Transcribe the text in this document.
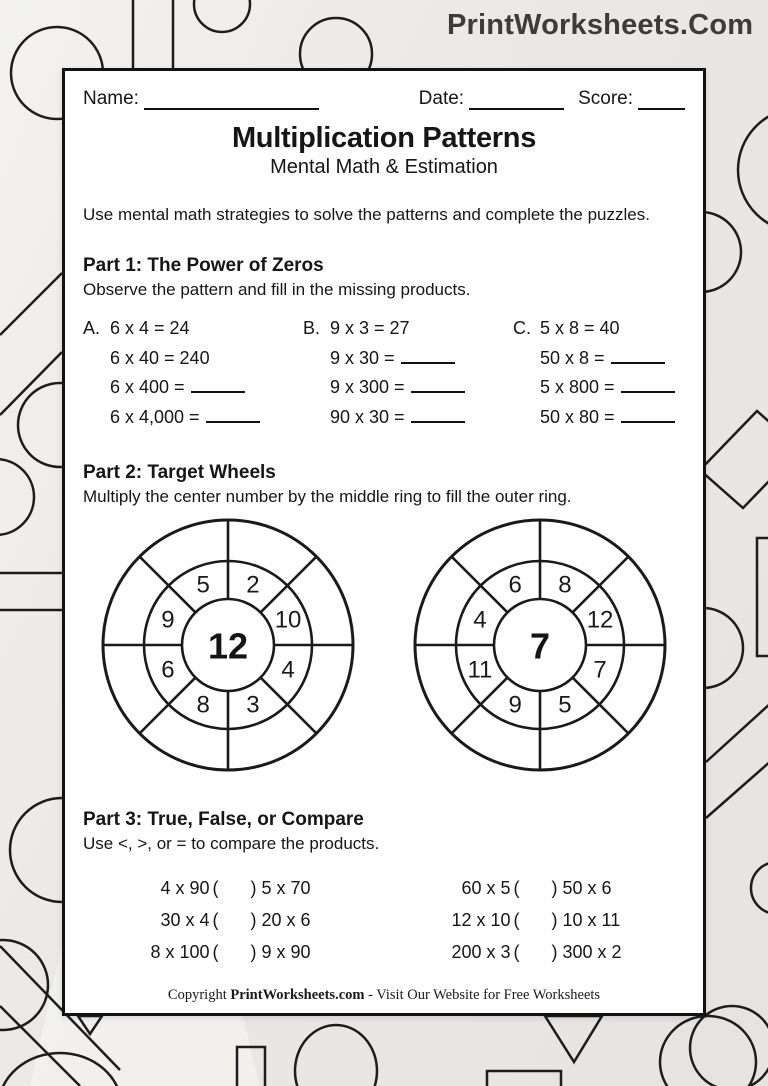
PrintWorksheets.Com
Name:	Date:	Score:
Multiplication Patterns
Mental Math & Estimation
Use mental math strategies to solve the patterns and complete the puzzles.
Part 1: The Power of Zeros
Observe the pattern and fill in the missing products.
A. 6 x 4 = 24
6 x 40 = 240
6 x 400 =
6 x 4,000 =
B. 9 x 3 = 27
9 x 30 =
9 x 300 =
90 x 30 =
C. 5 x 8 = 40
50 x 8 =
5 x 800 =
50 x 80 =
Part 2: Target Wheels
Multiply the center number by the middle ring to fill the outer ring.
5 2
10
4
3
8
6
9
12
6 8
12
7
5
9
11
4
7
Part 3: True, False, or Compare
Use <, >, or = to compare the products.
4 x 90 ( ) 5 x 70
30 x 4 ( ) 20 x 6
8 x 100 ( ) 9 x 90
60 x 5 ( ) 50 x 6
12 x 10 ( ) 10 x 11
200 x 3 ( ) 300 x 2
Copyright PrintWorksheets.com - Visit Our Website for Free Worksheets
